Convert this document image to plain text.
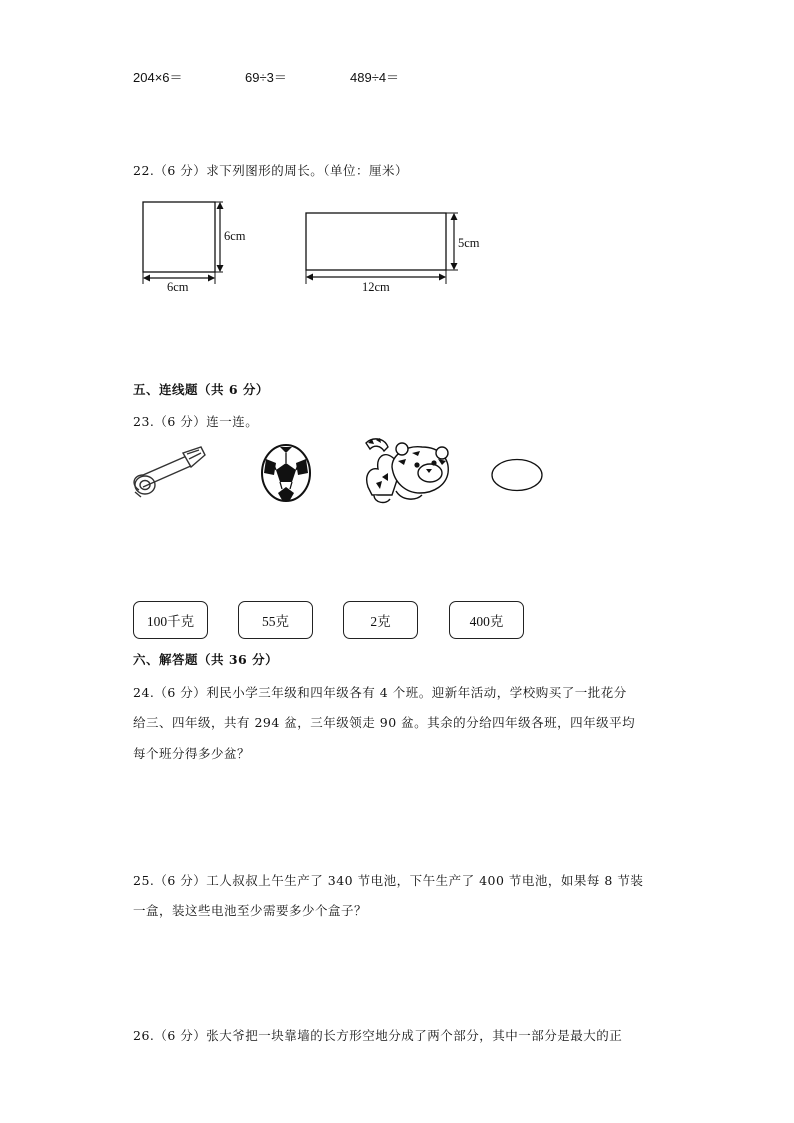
204×6＝	69÷3＝	489÷4＝
22.（6 分）求下列图形的周长。（单位：厘米）
6cm
6cm
5cm
12cm
五、连线题（共 6 分）
23.（6 分）连一连。
100千克	55克	2克	400克
六、解答题（共 36 分）
24.（6 分）利民小学三年级和四年级各有 4 个班。迎新年活动，学校购买了一批花分
给三、四年级，共有 294 盆，三年级领走 90 盆。其余的分给四年级各班，四年级平均
每个班分得多少盆？
25.（6 分）工人叔叔上午生产了 340 节电池，下午生产了 400 节电池，如果每 8 节装
一盒，装这些电池至少需要多少个盒子？
26.（6 分）张大爷把一块靠墙的长方形空地分成了两个部分，其中一部分是最大的正
